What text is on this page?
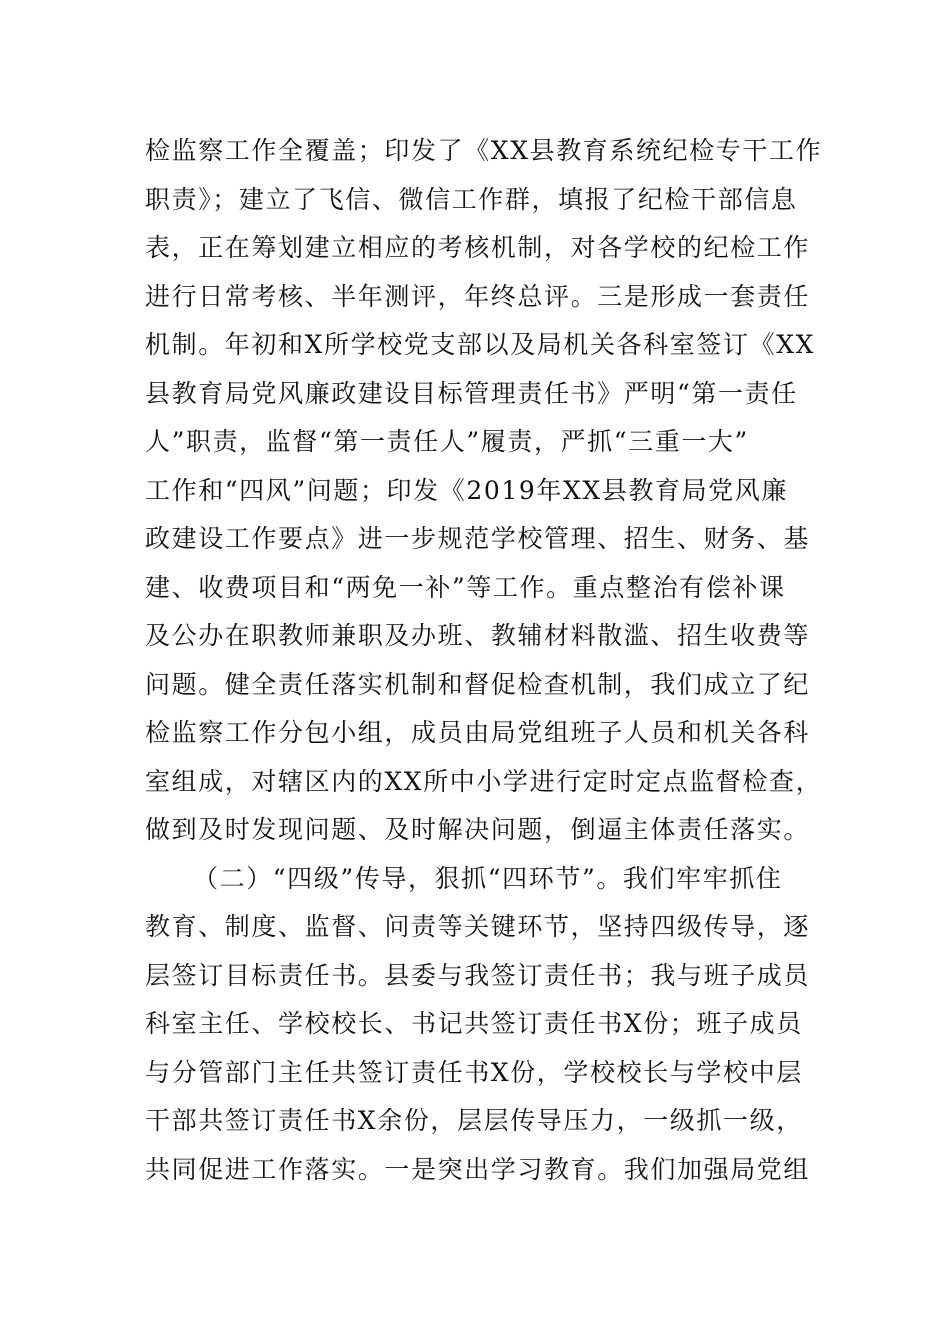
检监察工作全覆盖；印发了《XX县教育系统纪检专干工作
职责》；建立了飞信、微信工作群，填报了纪检干部信息
表，正在筹划建立相应的考核机制，对各学校的纪检工作
进行日常考核、半年测评，年终总评。三是形成一套责任
机制。年初和X所学校党支部以及局机关各科室签订《XX
县教育局党风廉政建设目标管理责任书》严明“第一责任
人”职责，监督“第一责任人”履责，严抓“三重一大”
工作和“四风”问题；印发《2019年XX县教育局党风廉
政建设工作要点》进一步规范学校管理、招生、财务、基
建、收费项目和“两免一补”等工作。重点整治有偿补课
及公办在职教师兼职及办班、教辅材料散滥、招生收费等
问题。健全责任落实机制和督促检查机制，我们成立了纪
检监察工作分包小组，成员由局党组班子人员和机关各科
室组成，对辖区内的XX所中小学进行定时定点监督检查，
做到及时发现问题、及时解决问题，倒逼主体责任落实。
（二）“四级”传导，狠抓“四环节”。我们牢牢抓住
教育、制度、监督、问责等关键环节，坚持四级传导，逐
层签订目标责任书。县委与我签订责任书；我与班子成员
科室主任、学校校长、书记共签订责任书X份；班子成员
与分管部门主任共签订责任书X份，学校校长与学校中层
干部共签订责任书X余份，层层传导压力，一级抓一级，
共同促进工作落实。一是突出学习教育。我们加强局党组
